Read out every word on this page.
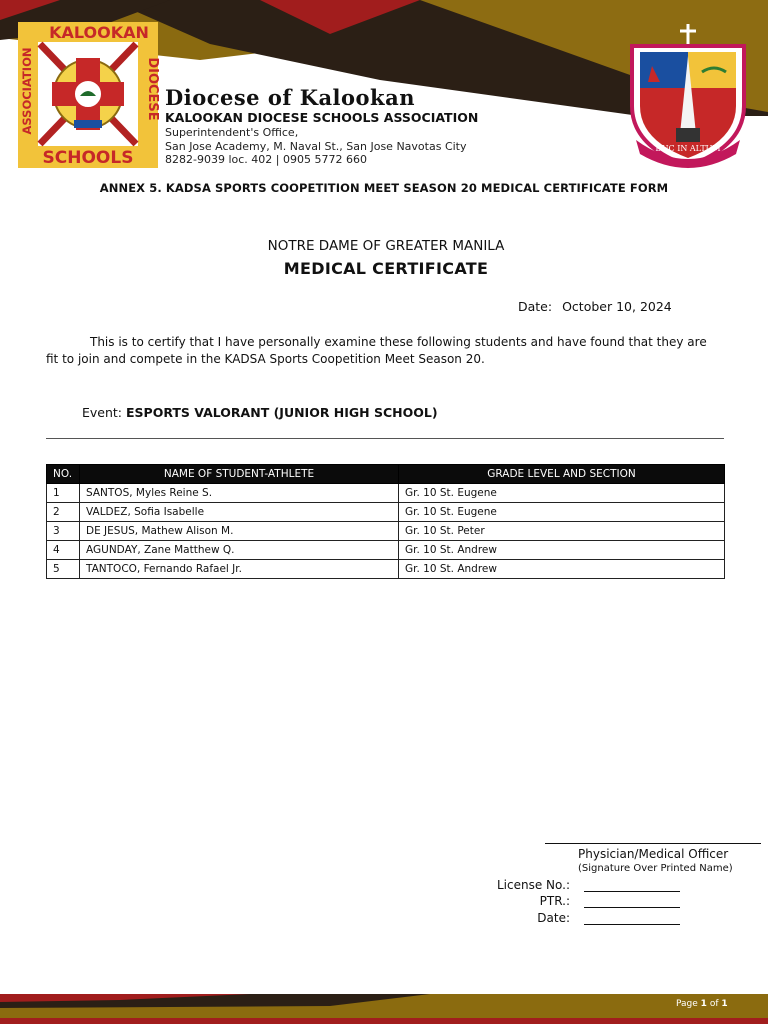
KALOOKAN
SCHOOLS
ASSOCIATION	DIOCESE Diocese of Kalookan
KALOOKAN DIOCESE SCHOOLS ASSOCIATION
Superintendent's Office,
San Jose Academy, M. Naval St., San Jose Navotas City
8282-9039 loc. 402 | 0905 5772 660
DUC IN ALTUM
ANNEX 5. KADSA SPORTS COOPETITION MEET SEASON 20 MEDICAL CERTIFICATE FORM
NOTRE DAME OF GREATER MANILA
MEDICAL CERTIFICATE
Date: October 10, 2024
This is to certify that I have personally examine these following students and have found that they are fit to join and compete in the KADSA Sports Coopetition Meet Season 20.
Event: ESPORTS VALORANT (JUNIOR HIGH SCHOOL)
NO.	NAME OF STUDENT-ATHLETE	GRADE LEVEL AND SECTION
1	SANTOS, Myles Reine S.	Gr. 10 St. Eugene
2	VALDEZ, Sofia Isabelle	Gr. 10 St. Eugene
3	DE JESUS, Mathew Alison M.	Gr. 10 St. Peter
4	AGUNDAY, Zane Matthew Q.	Gr. 10 St. Andrew
5	TANTOCO, Fernando Rafael Jr.	Gr. 10 St. Andrew
Physician/Medical Officer
(Signature Over Printed Name)
License No.:
PTR.:
Date:
Page 1 of 1
